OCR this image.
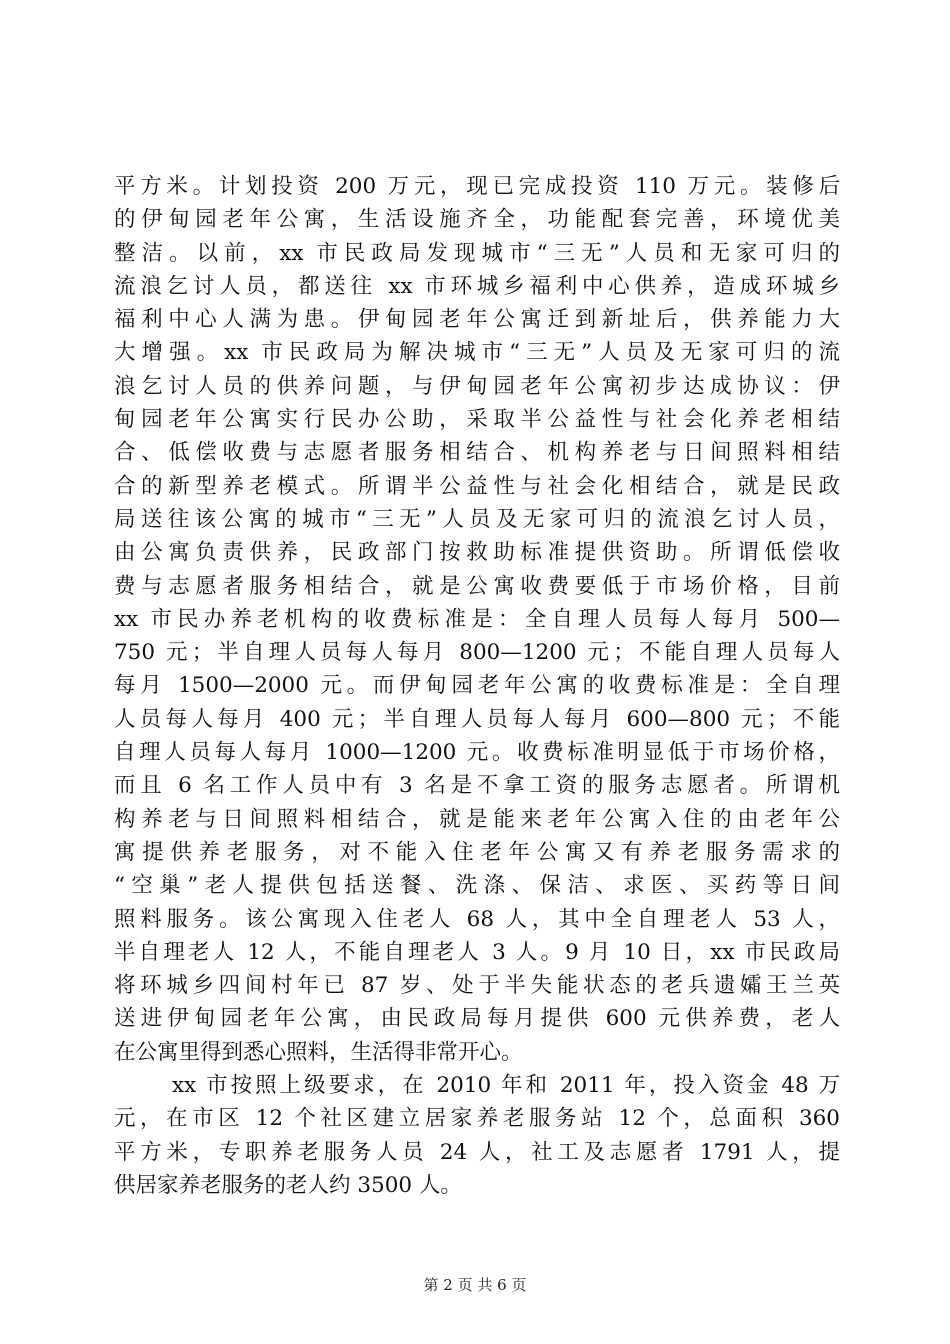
平方米。计划投资 200 万元，现已完成投资 110 万元。装修后
的伊甸园老年公寓，生活设施齐全，功能配套完善，环境优美
整洁。以前，xx 市民政局发现城市“三无”人员和无家可归的
流浪乞讨人员，都送往 xx 市环城乡福利中心供养，造成环城乡
福利中心人满为患。伊甸园老年公寓迁到新址后，供养能力大
大增强。xx 市民政局为解决城市“三无”人员及无家可归的流
浪乞讨人员的供养问题，与伊甸园老年公寓初步达成协议：伊
甸园老年公寓实行民办公助，采取半公益性与社会化养老相结
合、低偿收费与志愿者服务相结合、机构养老与日间照料相结
合的新型养老模式。所谓半公益性与社会化相结合，就是民政
局送往该公寓的城市“三无”人员及无家可归的流浪乞讨人员，
由公寓负责供养，民政部门按救助标准提供资助。所谓低偿收
费与志愿者服务相结合，就是公寓收费要低于市场价格，目前
xx 市民办养老机构的收费标准是：全自理人员每人每月 500—
750 元；半自理人员每人每月 800—1200 元；不能自理人员每人
每月 1500—2000 元。而伊甸园老年公寓的收费标准是：全自理
人员每人每月 400 元；半自理人员每人每月 600—800 元；不能
自理人员每人每月 1000—1200 元。收费标准明显低于市场价格，
而且 6 名工作人员中有 3 名是不拿工资的服务志愿者。所谓机
构养老与日间照料相结合，就是能来老年公寓入住的由老年公
寓提供养老服务，对不能入住老年公寓又有养老服务需求的
“空巢”老人提供包括送餐、洗涤、保洁、求医、买药等日间
照料服务。该公寓现入住老人 68 人，其中全自理老人 53 人，
半自理老人 12 人，不能自理老人 3 人。9 月 10 日，xx 市民政局
将环城乡四间村年已 87 岁、处于半失能状态的老兵遗孀王兰英
送进伊甸园老年公寓，由民政局每月提供 600 元供养费，老人
在公寓里得到悉心照料，生活得非常开心。
xx 市按照上级要求，在 2010 年和 2011 年，投入资金 48 万
元，在市区 12 个社区建立居家养老服务站 12 个，总面积 360
平方米，专职养老服务人员 24 人，社工及志愿者 1791 人，提
供居家养老服务的老人约 3500 人。
第 2 页 共 6 页
